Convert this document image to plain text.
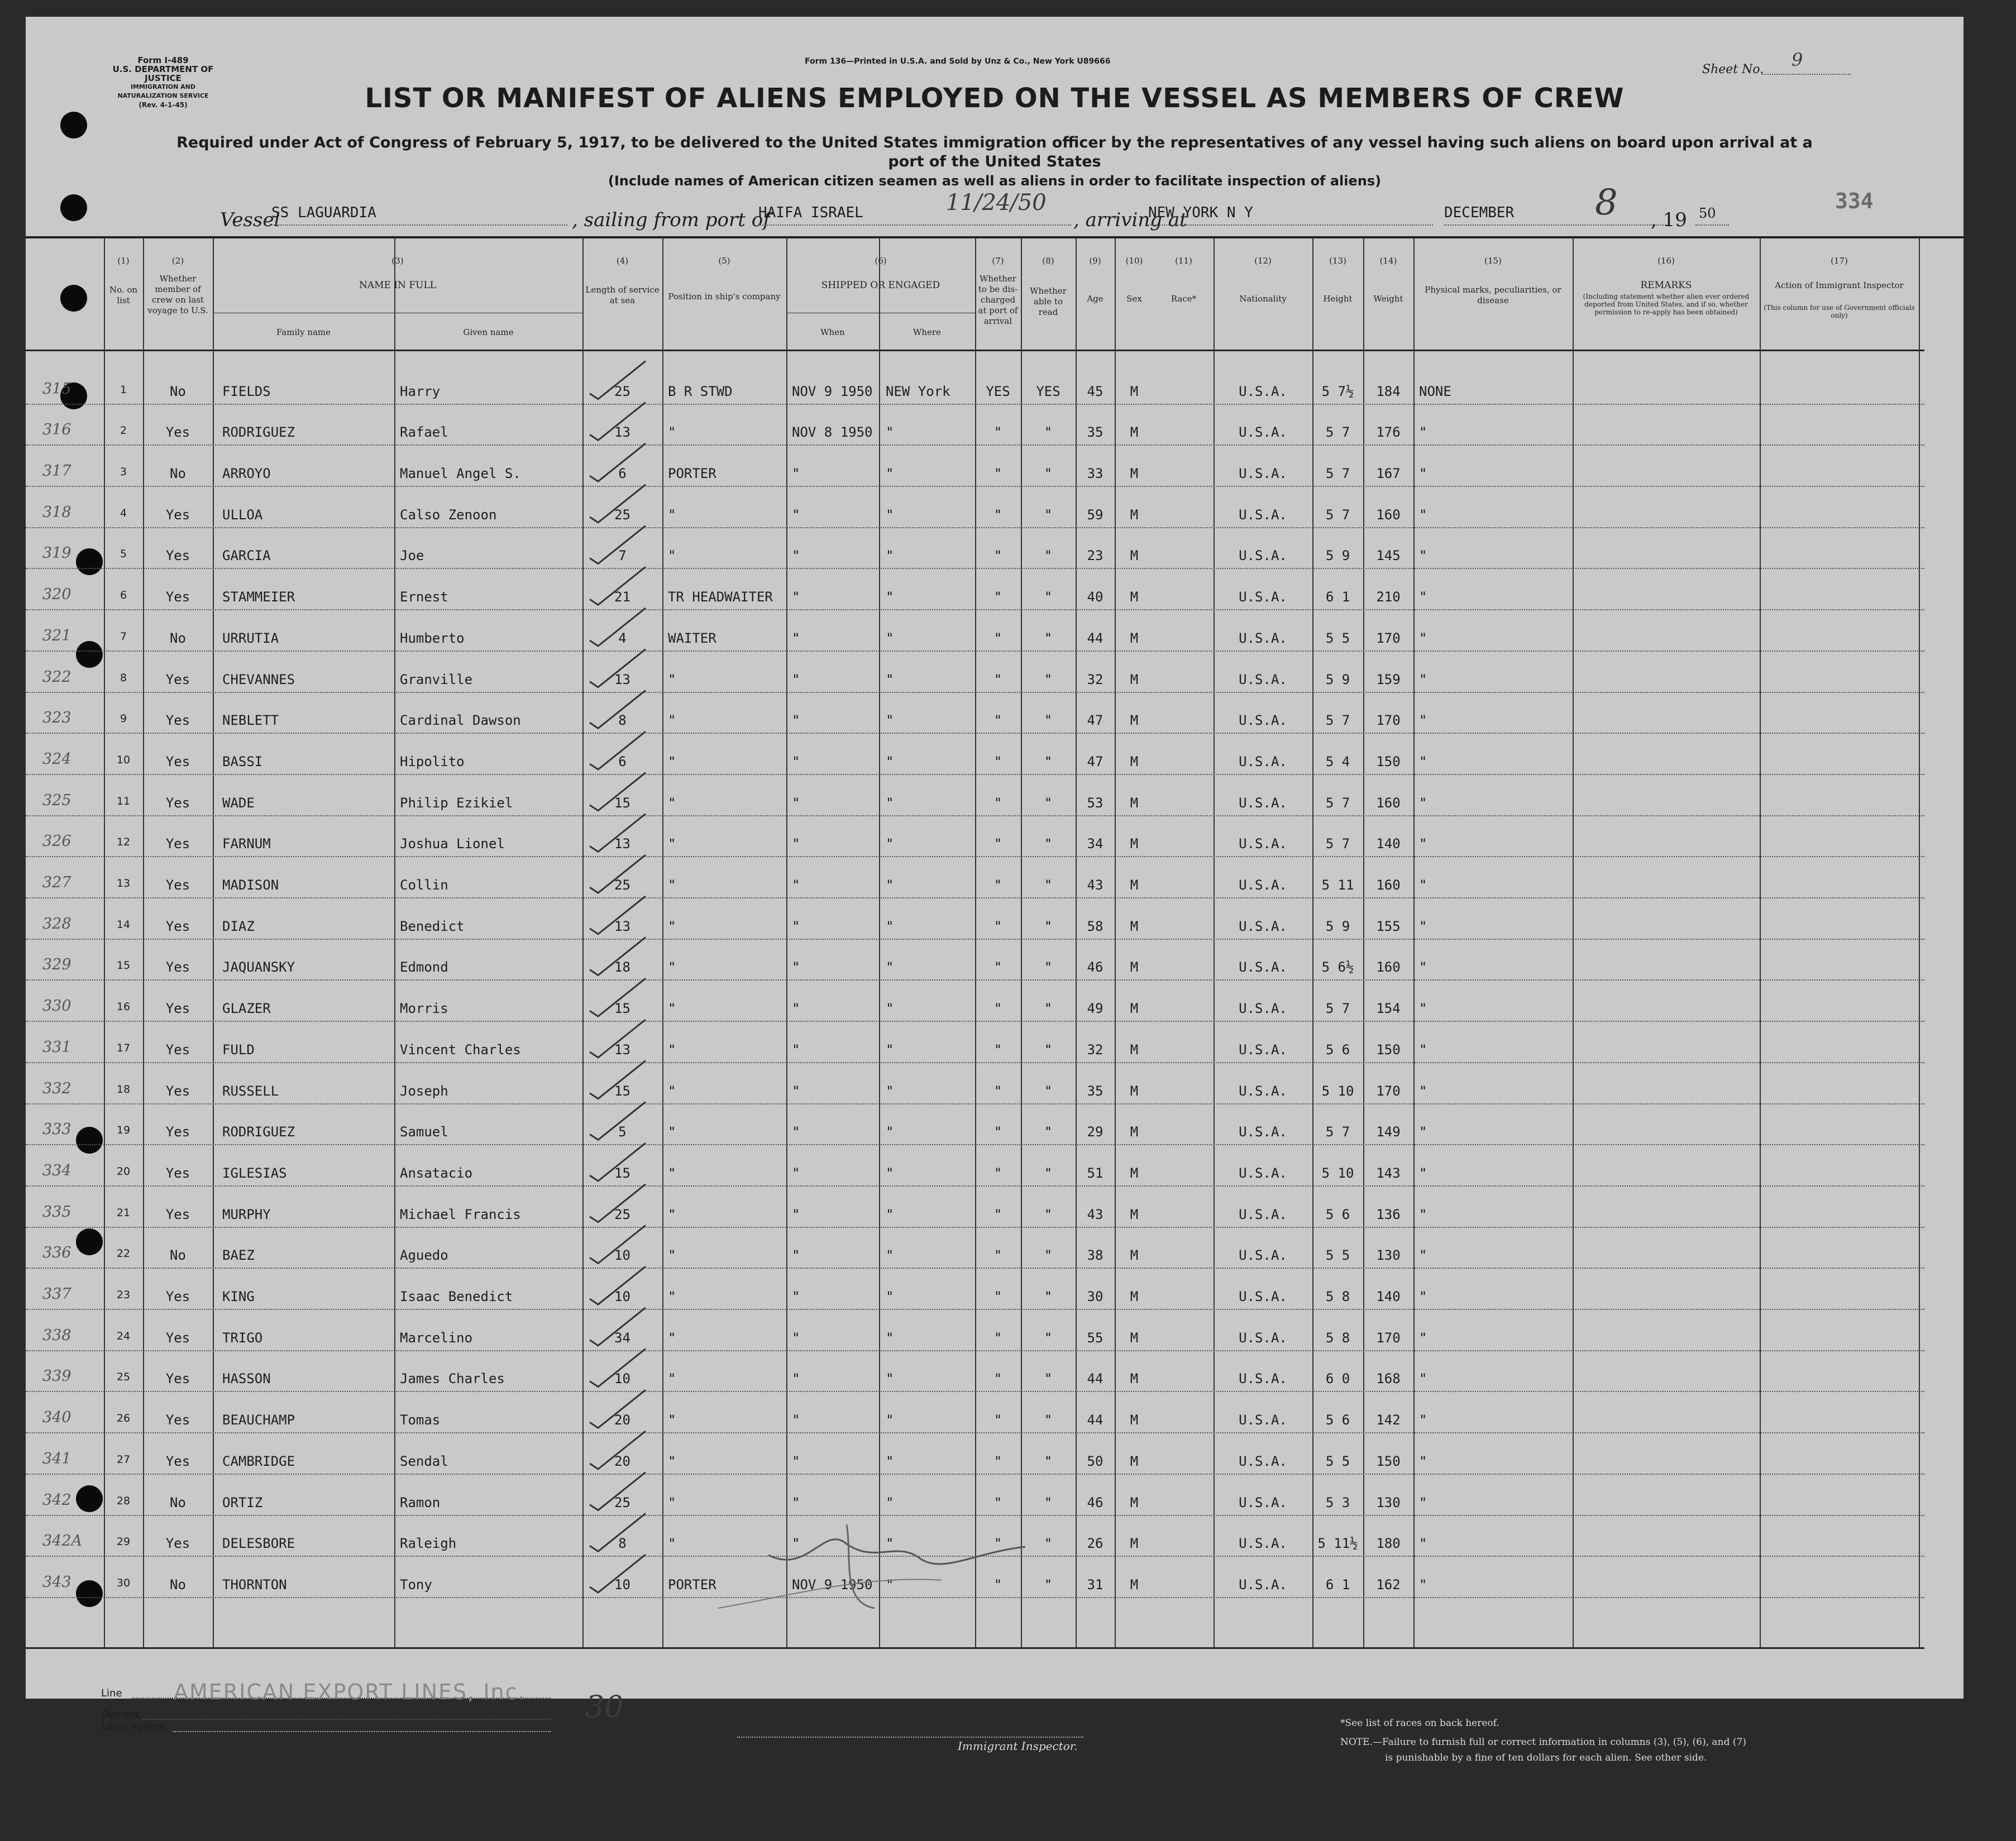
Form I-489
U.S. DEPARTMENT OF JUSTICE
IMMIGRATION AND NATURALIZATION SERVICE
(Rev. 4-1-45)
Form 136—Printed in U.S.A. and Sold by Unz & Co., New York U89666
Sheet No. 9
LIST OR MANIFEST OF ALIENS EMPLOYED ON THE VESSEL AS MEMBERS OF CREW
Required under Act of Congress of February 5, 1917, to be delivered to the United States immigration officer by the representatives of any vessel having such aliens on board upon arrival at a
port of the United States
(Include names of American citizen seamen as well as aliens in order to facilitate inspection of aliens)
Vessel
SS LAGUARDIA	, sailing from port of
HAIFA ISRAEL	11/24/50
, arriving at
NEW YORK N Y	DECEMBER 8 , 19 50	334
(1)	(2)	(3)	(4)	(5)	(6)	(7)	(8)	(9)	(10)	(11)	(12)	(13)	(14)	(15)	(16)	(17)
No. on list
Whether member of crew on last voyage to U.S.
NAME IN FULL
Family name	Given name
Length of service at sea	Position in ship's company
SHIPPED OR ENGAGED
When	Where
Whether to be dis-charged at port of arrival
Whether able to read
Age	Sex	Race*	Nationality	Height	Weight
Physical marks, peculiarities, or disease
REMARKS
(Including statement whether alien ever ordered deported from United States, and if so, whether permission to re-apply has been obtained)
Action of Immigrant Inspector
(This column for use of Government officials only)
315	1	No	FIELDS	Harry	25	B R STWD	NOV 9 1950 NEW York	YES	YES	45	M	U.S.A.	5 7½	184	NONE
316	2	Yes	RODRIGUEZ	Rafael	13	"	NOV 8 1950 "	"	"	35	M	U.S.A.	5 7	176	"
317	3	No	ARROYO	Manuel Angel S.	6	PORTER	"	"	"	"	33	M	U.S.A.	5 7	167	"
318	4	Yes	ULLOA	Calso Zenoon	25	"	"	"	"	"	59	M	U.S.A.	5 7	160	"
319	5	Yes	GARCIA	Joe	7	"	"	"	"	"	23	M	U.S.A.	5 9	145	"
320	6	Yes	STAMMEIER	Ernest	21	TR HEADWAITER	"	"	"	"	40	M	U.S.A.	6 1	210	"
321	7	No	URRUTIA	Humberto	4	WAITER	"	"	"	"	44	M	U.S.A.	5 5	170	"
322	8	Yes	CHEVANNES	Granville	13	"	"	"	"	"	32	M	U.S.A.	5 9	159	"
323	9	Yes	NEBLETT	Cardinal Dawson	8	"	"	"	"	"	47	M	U.S.A.	5 7	170	"
324	10	Yes	BASSI	Hipolito	6	"	"	"	"	"	47	M	U.S.A.	5 4	150	"
325	11	Yes	WADE	Philip Ezikiel	15	"	"	"	"	"	53	M	U.S.A.	5 7	160	"
326	12	Yes	FARNUM	Joshua Lionel	13	"	"	"	"	"	34	M	U.S.A.	5 7	140	"
327	13	Yes	MADISON	Collin	25	"	"	"	"	"	43	M	U.S.A.	5 11	160	"
328	14	Yes	DIAZ	Benedict	13	"	"	"	"	"	58	M	U.S.A.	5 9	155	"
329	15	Yes	JAQUANSKY	Edmond	18	"	"	"	"	"	46	M	U.S.A.	5 6½	160	"
330	16	Yes	GLAZER	Morris	15	"	"	"	"	"	49	M	U.S.A.	5 7	154	"
331	17	Yes	FULD	Vincent Charles	13	"	"	"	"	"	32	M	U.S.A.	5 6	150	"
332	18	Yes	RUSSELL	Joseph	15	"	"	"	"	"	35	M	U.S.A.	5 10	170	"
333	19	Yes	RODRIGUEZ	Samuel	5	"	"	"	"	"	29	M	U.S.A.	5 7	149	"
334	20	Yes	IGLESIAS	Ansatacio	15	"	"	"	"	"	51	M	U.S.A.	5 10	143	"
335	21	Yes	MURPHY	Michael Francis	25	"	"	"	"	"	43	M	U.S.A.	5 6	136	"
336	22	No	BAEZ	Aguedo	10	"	"	"	"	"	38	M	U.S.A.	5 5	130	"
337	23	Yes	KING	Isaac Benedict	10	"	"	"	"	"	30	M	U.S.A.	5 8	140	"
338	24	Yes	TRIGO	Marcelino	34	"	"	"	"	"	55	M	U.S.A.	5 8	170	"
339	25	Yes	HASSON	James Charles	10	"	"	"	"	"	44	M	U.S.A.	6 0	168	"
340	26	Yes	BEAUCHAMP	Tomas	20	"	"	"	"	"	44	M	U.S.A.	5 6	142	"
341	27	Yes	CAMBRIDGE	Sendal	20	"	"	"	"	"	50	M	U.S.A.	5 5	150	"
342	28	No	ORTIZ	Ramon	25	"	"	"	"	"	46	M	U.S.A.	5 3	130	"
342A	29	Yes	DELESBORE	Raleigh	8	"	"	"	"	"	26	M	U.S.A.	5 11½	180	"
343	30	No	THORNTON	Tony	10	PORTER	NOV 9 1950 "	"	"	31	M	U.S.A.	6 1	162	"
Line AMERICAN EXPORT LINES, Inc.
Owners	30
Local Agents
Immigrant Inspector.
*See list of races on back hereof.
NOTE.—Failure to furnish full or correct information in columns (3), (5), (6), and (7)
is punishable by a fine of ten dollars for each alien. See other side.
